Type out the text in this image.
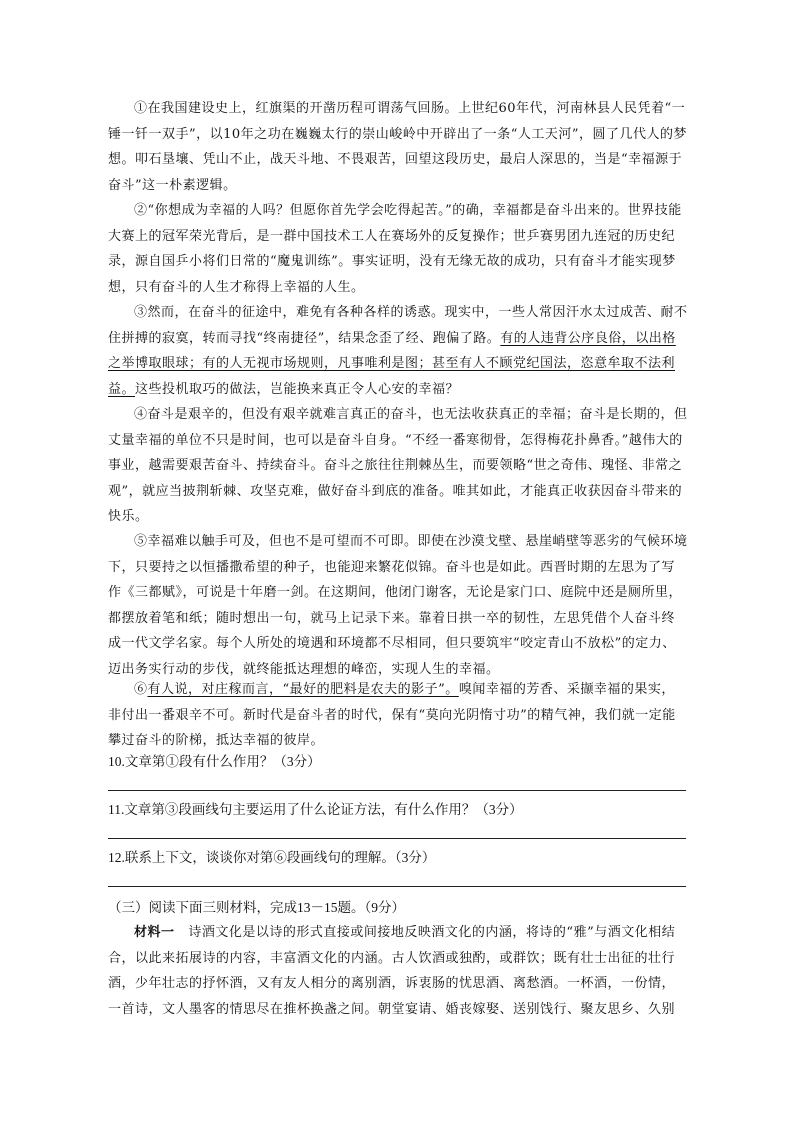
①在我国建设史上，红旗渠的开凿历程可谓荡气回肠。上世纪60年代，河南林县人民凭着“一锤一钎一双手”，以10年之功在巍巍太行的崇山峻岭中开辟出了一条“人工天河”，圆了几代人的梦想。叩石垦壤、凭山不止，战天斗地、不畏艰苦，回望这段历史，最启人深思的，当是“幸福源于奋斗”这一朴素逻辑。

②“你想成为幸福的人吗？但愿你首先学会吃得起苦。”的确，幸福都是奋斗出来的。世界技能大赛上的冠军荣光背后，是一群中国技术工人在赛场外的反复操作；世乒赛男团九连冠的历史纪录，源自国乒小将们日常的“魔鬼训练”。事实证明，没有无缘无故的成功，只有奋斗才能实现梦想，只有奋斗的人生才称得上幸福的人生。

③然而，在奋斗的征途中，难免有各种各样的诱惑。现实中，一些人常因汗水太过成苦、耐不住拼搏的寂寞，转而寻找“终南捷径”，结果念歪了经、跑偏了路。有的人违背公序良俗，以出格之举博取眼球；有的人无视市场规则，凡事唯利是图；甚至有人不顾党纪国法，恣意牟取不法利益。这些投机取巧的做法，岂能换来真正令人心安的幸福？

④奋斗是艰辛的，但没有艰辛就难言真正的奋斗，也无法收获真正的幸福；奋斗是长期的，但丈量幸福的单位不只是时间，也可以是奋斗自身。“不经一番寒彻骨，怎得梅花扑鼻香。”越伟大的事业，越需要艰苦奋斗、持续奋斗。奋斗之旅往往荆棘丛生，而要领略“世之奇伟、瑰怪、非常之观”，就应当披荆斩棘、攻坚克难，做好奋斗到底的准备。唯其如此，才能真正收获因奋斗带来的快乐。

⑤幸福难以触手可及，但也不是可望而不可即。即使在沙漠戈壁、悬崖峭壁等恶劣的气候环境下，只要持之以恒播撒希望的种子，也能迎来繁花似锦。奋斗也是如此。西晋时期的左思为了写作《三都赋》，可说是十年磨一剑。在这期间，他闭门谢客，无论是家门口、庭院中还是厕所里，都摆放着笔和纸；随时想出一句，就马上记录下来。靠着日拱一卒的韧性，左思凭借个人奋斗终成一代文学名家。每个人所处的境遇和环境都不尽相同，但只要筑牢“咬定青山不放松”的定力、迈出务实行动的步伐，就终能抵达理想的峰峦，实现人生的幸福。

⑥有人说，对庄稼而言，“最好的肥料是农夫的影子”。嗅闻幸福的芳香、采撷幸福的果实，非付出一番艰辛不可。新时代是奋斗者的时代，保有“莫向光阴惰寸功”的精气神，我们就一定能攀过奋斗的阶梯，抵达幸福的彼岸。

10.文章第①段有什么作用？（3分）

11.文章第③段画线句主要运用了什么论证方法，有什么作用？（3分）

12.联系上下文，谈谈你对第⑥段画线句的理解。（3分）

（三）阅读下面三则材料，完成13－15题。（9分）

材料一 诗酒文化是以诗的形式直接或间接地反映酒文化的内涵，将诗的“雅”与酒文化相结合，以此来拓展诗的内容，丰富酒文化的内涵。古人饮酒或独酌，或群饮；既有壮士出征的壮行酒，少年壮志的抒怀酒，又有友人相分的离别酒，诉衷肠的忧思酒、离愁酒。一杯酒，一份情，一首诗，文人墨客的情思尽在推杯换盏之间。朝堂宴请、婚丧嫁娶、送别饯行、聚友思乡、久别
